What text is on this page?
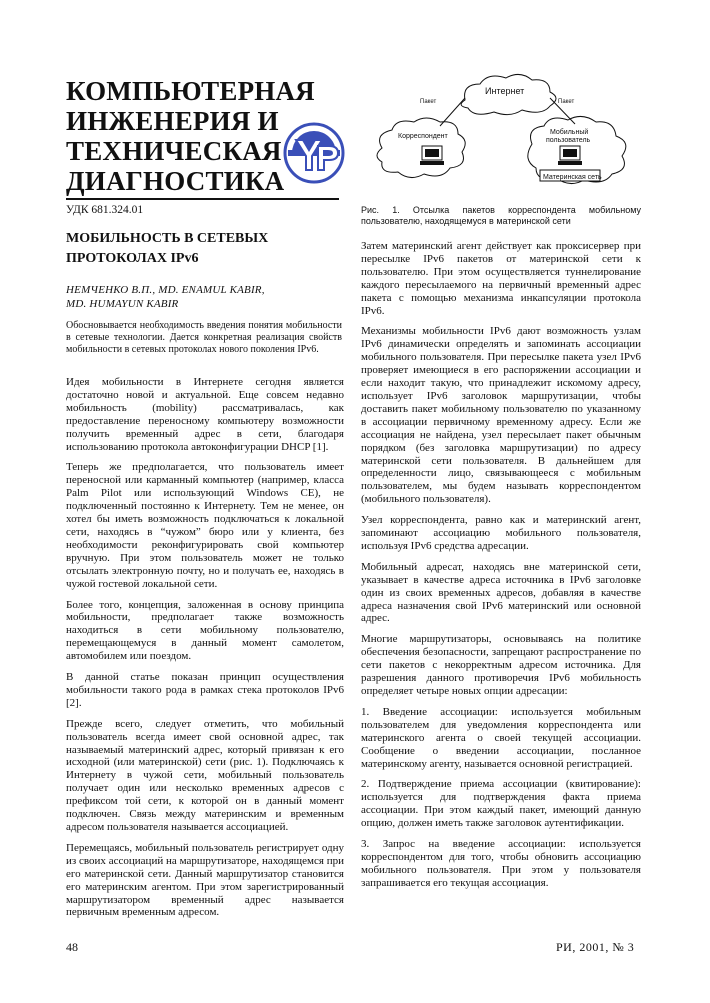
КОМПЬЮТЕРНАЯ
ИНЖЕНЕРИЯ И
ТЕХНИЧЕСКАЯ
ДИАГНОСТИКА
УДК 681.324.01
МОБИЛЬНОСТЬ В СЕТЕВЫХ
ПРОТОКОЛАХ IPv6
НЕМЧЕНКО В.П., MD. ENAMUL KABIR,
MD. HUMAYUN KABIR
Обосновывается необходимость введения понятия мобильности в сетевые технологии. Дается конкретная реализация свойств мобильности в сетевых протоколах нового поколения IPv6.

Идея мобильности в Интернете сегодня является достаточно новой и актуальной. Еще совсем недавно мобильность (mobility) рассматривалась, как предоставление переносному компьютеру возможности получить временный адрес в сети, благодаря использованию протокола автоконфигурации DHCP [1].

Теперь же предполагается, что пользователь имеет переносной или карманный компьютер (например, класса Palm Pilot или использующий Windows CE), не подключенный постоянно к Интернету. Тем не менее, он хотел бы иметь возможность подключаться к локальной сети, находясь в “чужом” бюро или у клиента, без необходимости реконфигурировать свой компьютер вручную. При этом пользователь может не только отсылать электронную почту, но и получать ее, находясь в чужой гостевой локальной сети.

Более того, концепция, заложенная в основу принципа мобильности, предполагает также возможность находиться в сети мобильному пользователю, перемещающемуся в данный момент самолетом, автомобилем или поездом.

В данной статье показан принцип осуществления мобильности такого рода в рамках стека протоколов IPv6 [2].

Прежде всего, следует отметить, что мобильный пользователь всегда имеет свой основной адрес, так называемый материнский адрес, который привязан к его исходной (или материнской) сети (рис. 1). Подключаясь к Интернету в чужой сети, мобильный пользователь получает один или несколько временных адресов с префиксом той сети, к которой он в данный момент подключен. Связь между материнским и временным адресом пользователя называется ассоциацией.

Перемещаясь, мобильный пользователь регистрирует одну из своих ассоциаций на маршрутизаторе, находящемся при его материнской сети. Данный маршрутизатор становится его материнским агентом. При этом зарегистрированный маршрутизатором временный адрес называется первичным временным адресом.

Интернет
Пакет	Пакет
Корреспондент
Мобильный
пользователь
Материнская сеть
Рис. 1. Отсылка пакетов корреспондента мобильному пользователю, находящемуся в материнской сети

Затем материнский агент действует как проксисервер при пересылке IPv6 пакетов от материнской сети к пользователю. При этом осуществляется туннелирование каждого пересылаемого на первичный временный адрес пакета с помощью механизма инкапсуляции протокола IPv6.

Механизмы мобильности IPv6 дают возможность узлам IPv6 динамически определять и запоминать ассоциации мобильного пользователя. При пересылке пакета узел IPv6 проверяет имеющиеся в его распоряжении ассоциации и если находит такую, что принадлежит искомому адресу, использует IPv6 заголовок маршрутизации, чтобы доставить пакет мобильному пользователю по указанному в ассоциации первичному временному адресу. Если же ассоциация не найдена, узел пересылает пакет обычным порядком (без заголовка маршрутизации) по адресу материнской сети пользователя. В дальнейшем для определенности лицо, связывающееся с мобильным пользователем, мы будем называть корреспондентом (мобильного пользователя).

Узел корреспондента, равно как и материнский агент, запоминают ассоциацию мобильного пользователя, используя IPv6 средства адресации.

Мобильный адресат, находясь вне материнской сети, указывает в качестве адреса источника в IPv6 заголовке один из своих временных адресов, добавляя в качестве адреса назначения свой IPv6 материнский или основной адрес.

Многие маршрутизаторы, основываясь на политике обеспечения безопасности, запрещают распространение по сети пакетов с некорректным адресом источника. Для разрешения данного противоречия IPv6 мобильность определяет четыре новых опции адресации:

1. Введение ассоциации: используется мобильным пользователем для уведомления корреспондента или материнского агента о своей текущей ассоциации. Сообщение о введении ассоциации, посланное материнскому агенту, называется основной регистрацией.

2. Подтверждение приема ассоциации (квитирование): используется для подтверждения факта приема ассоциации. При этом каждый пакет, имеющий данную опцию, должен иметь также заголовок аутентификации.

3. Запрос на введение ассоциации: используется корреспондентом для того, чтобы обновить ассоциацию мобильного пользователя. При этом у пользователя запрашивается его текущая ассоциация.

48	РИ, 2001, № 3
